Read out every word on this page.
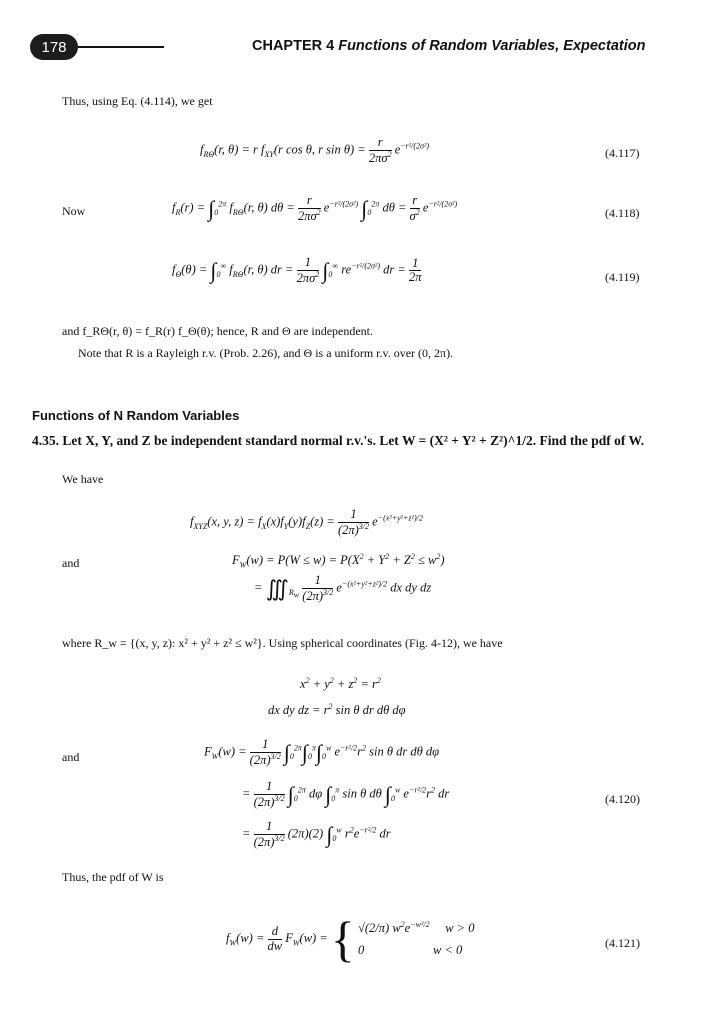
178	CHAPTER 4 Functions of Random Variables, Expectation
Thus, using Eq. (4.114), we get
$f_{R\Theta}(r$, θ) = r $f_{XY}(r$ cos θ, r $\sin \theta) = \frac{r}{2\pi\sigma^2} e^{-r^2/(2\sigma^2)}$	(4.117)
Now	$f_R(r) = \int_0^{2\pi}$ $f_{R\Theta}(r$, θ) $d\theta = \frac{r}{2\pi\sigma^2} e^{-r^2/(2\sigma^2)}$ $\int_0^{2\pi}$ $d\theta = \frac{r}{\sigma^2} e^{-r^2/(2\sigma^2)}$
(4.118)
$f_\Theta(\theta) = \int_0^\infty$ $f_{R\Theta}(r$, θ) dr = $\frac{1}{2\pi\sigma^2} \int_0^\infty$ $re^{-r^2/(2\sigma^2)}$ dr = $\frac{1}{2\pi}$	(4.119)
and f_RΘ(r, θ) = f_R(r) f_Θ(θ); hence, R and Θ are independent.
Note that R is a Rayleigh r.v. (Prob. 2.26), and Θ is a uniform r.v. over (0, 2π).
Functions of N Random Variables
4.35. Let X, Y, and Z be independent standard normal r.v.'s. Let W = (X² + Y² + Z²)^1/2. Find the pdf of W.
We have
$f_{XYZ}(x$, y, $z) = f_X(x)f_Y(y)f_Z(z) = \frac{1}{(2\pi)^{3/2}} e^{-(x^2+y^2+z^2)/2}$
and	$F_W(w) = P(W \le w) = P(X^2 + Y^2 + Z^2 \le w^2)$
= $∭_{R_w} \frac{1}{(2\pi)^{3/2}} e^{-(x^2+y^2+z^2)/2}$ dx dy dz
where R_w = {(x, y, z): x² + y² + z² ≤ w²}. Using spherical coordinates (Fig. 4-12), we have
$x^2 + y^2 + z^2 = r^2$
dx dy dz = $r^2$ sin θ dr dθ dφ
and	$F_W(w) = \frac{1}{(2\pi)^{3/2}} \int_0^{2\pi}\int_0^\pi\int_0^w$ $e^{-r^2/2}r^2$ sin θ dr dθ dφ
= $\frac{1}{(2\pi)^{3/2}} \int_0^{2\pi}$ dφ $\int_0^\pi$ sin θ dθ $\int_0^w$ $e^{-r^2/2}r^2$ dr	(4.120)
= $\frac{1}{(2\pi)^{3/2}} (2\pi)(2)$ $\int_0^w$ $r^2e^{-r^2/2}$ dr
Thus, the pdf of W is
$f_W(w) = \frac{d}{dw} F_W(w)$ = { √(2/π) $w^2e^{-w^2/2}$     w > 0
0                      w < 0	(4.121)
